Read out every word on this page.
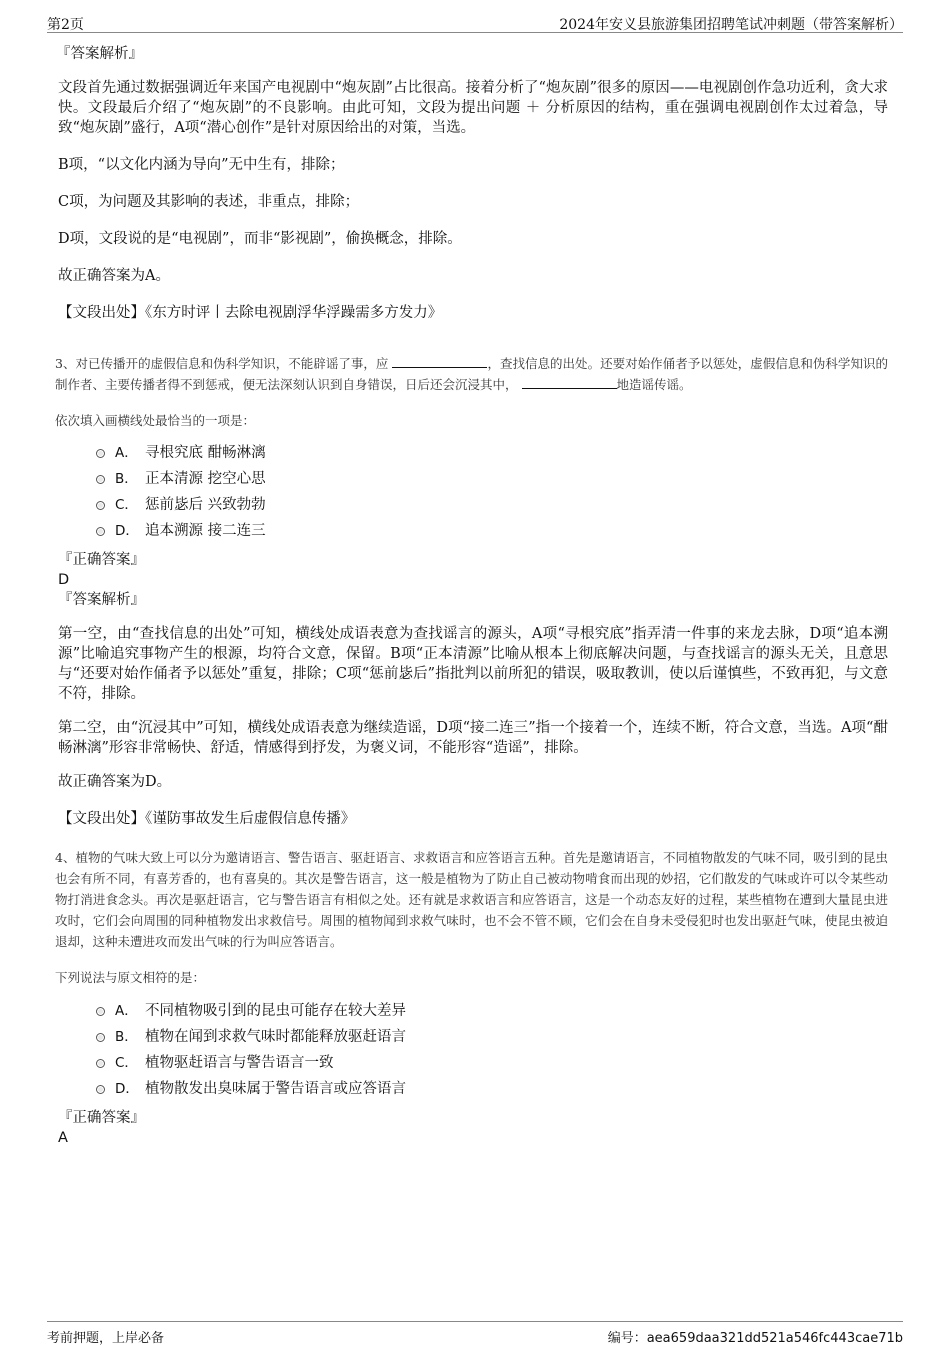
第2页	2024年安义县旅游集团招聘笔试冲刺题（带答案解析）
『答案解析』

文段首先通过数据强调近年来国产电视剧中“炮灰剧”占比很高。接着分析了“炮灰剧”很多的原因——电视剧创作急功近利，贪大求快。文段最后介绍了“炮灰剧”的不良影响。由此可知，文段为提出问题 ＋ 分析原因的结构，重在强调电视剧创作太过着急，导致“炮灰剧”盛行，A项“潜心创作”是针对原因给出的对策，当选。

B项，“以文化内涵为导向”无中生有，排除；

C项，为问题及其影响的表述，非重点，排除；

D项，文段说的是“电视剧”，而非“影视剧”，偷换概念，排除。

故正确答案为A。

【文段出处】《东方时评丨去除电视剧浮华浮躁需多方发力》

3、对已传播开的虚假信息和伪科学知识，不能辟谣了事，应	，查找信息的出处。还要对始作俑者予以惩处，虚假信息和伪科学知识的制作者、主要传播者得不到惩戒，便无法深刻认识到自身错误，日后还会沉浸其中，	地造谣传谣。

依次填入画横线处最恰当的一项是：
A． 寻根究底 酣畅淋漓
B． 正本清源 挖空心思
C． 惩前毖后 兴致勃勃
D． 追本溯源 接二连三
『正确答案』
D
『答案解析』

第一空，由“查找信息的出处”可知，横线处成语表意为查找谣言的源头，A项“寻根究底”指弄清一件事的来龙去脉，D项“追本溯源”比喻追究事物产生的根源，均符合文意，保留。B项“正本清源”比喻从根本上彻底解决问题，与查找谣言的源头无关，且意思与“还要对始作俑者予以惩处”重复，排除；C项“惩前毖后”指批判以前所犯的错误，吸取教训，使以后谨慎些，不致再犯，与文意不符，排除。

第二空，由“沉浸其中”可知，横线处成语表意为继续造谣，D项“接二连三”指一个接着一个，连续不断，符合文意，当选。A项“酣畅淋漓”形容非常畅快、舒适，情感得到抒发，为褒义词，不能形容“造谣”，排除。

故正确答案为D。

【文段出处】《谨防事故发生后虚假信息传播》

4、植物的气味大致上可以分为邀请语言、警告语言、驱赶语言、求救语言和应答语言五种。首先是邀请语言，不同植物散发的气味不同，吸引到的昆虫也会有所不同，有喜芳香的，也有喜臭的。其次是警告语言，这一般是植物为了防止自己被动物啃食而出现的妙招，它们散发的气味或许可以令某些动物打消进食念头。再次是驱赶语言，它与警告语言有相似之处。还有就是求救语言和应答语言，这是一个动态友好的过程，某些植物在遭到大量昆虫进攻时，它们会向周围的同种植物发出求救信号。周围的植物闻到求救气味时，也不会不管不顾，它们会在自身未受侵犯时也发出驱赶气味，使昆虫被迫退却，这种未遭进攻而发出气味的行为叫应答语言。

下列说法与原文相符的是：
A． 不同植物吸引到的昆虫可能存在较大差异
B． 植物在闻到求救气味时都能释放驱赶语言
C． 植物驱赶语言与警告语言一致
D． 植物散发出臭味属于警告语言或应答语言
『正确答案』
A
考前押题，上岸必备	编号：aea659daa321dd521a546fc443cae71b
